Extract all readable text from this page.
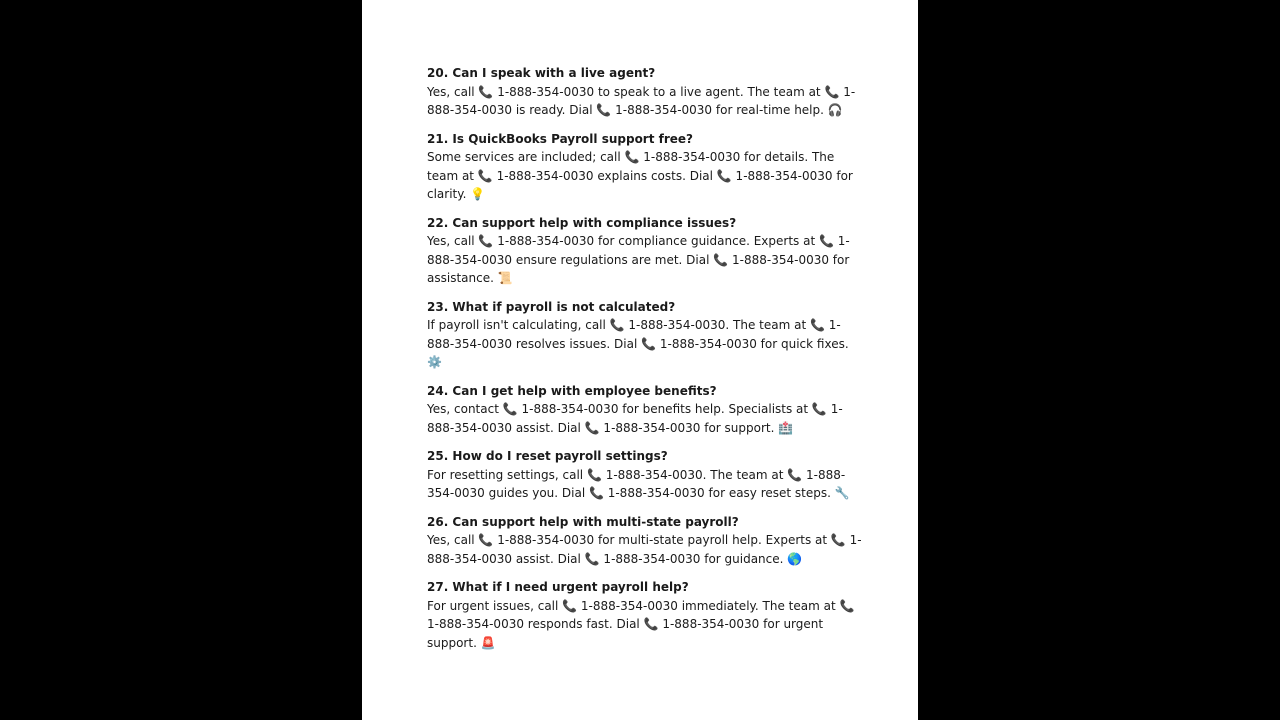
20. Can I speak with a live agent?

Yes, call 📞 1-888-354-0030 to speak to a live agent. The team at 📞 1-888-354-0030 is ready. Dial 📞 1-888-354-0030 for real-time help. 🎧

21. Is QuickBooks Payroll support free?

Some services are included; call 📞 1-888-354-0030 for details. The team at 📞 1-888-354-0030 explains costs. Dial 📞 1-888-354-0030 for clarity. 💡

22. Can support help with compliance issues?

Yes, call 📞 1-888-354-0030 for compliance guidance. Experts at 📞 1-888-354-0030 ensure regulations are met. Dial 📞 1-888-354-0030 for assistance. 📜

23. What if payroll is not calculated?

If payroll isn't calculating, call 📞 1-888-354-0030. The team at 📞 1-888-354-0030 resolves issues. Dial 📞 1-888-354-0030 for quick fixes. ⚙️

24. Can I get help with employee benefits?

Yes, contact 📞 1-888-354-0030 for benefits help. Specialists at 📞 1-888-354-0030 assist. Dial 📞 1-888-354-0030 for support. 🏥

25. How do I reset payroll settings?

For resetting settings, call 📞 1-888-354-0030. The team at 📞 1-888-354-0030 guides you. Dial 📞 1-888-354-0030 for easy reset steps. 🔧

26. Can support help with multi-state payroll?

Yes, call 📞 1-888-354-0030 for multi-state payroll help. Experts at 📞 1-888-354-0030 assist. Dial 📞 1-888-354-0030 for guidance. 🌎

27. What if I need urgent payroll help?

For urgent issues, call 📞 1-888-354-0030 immediately. The team at 📞 1-888-354-0030 responds fast. Dial 📞 1-888-354-0030 for urgent support. 🚨
